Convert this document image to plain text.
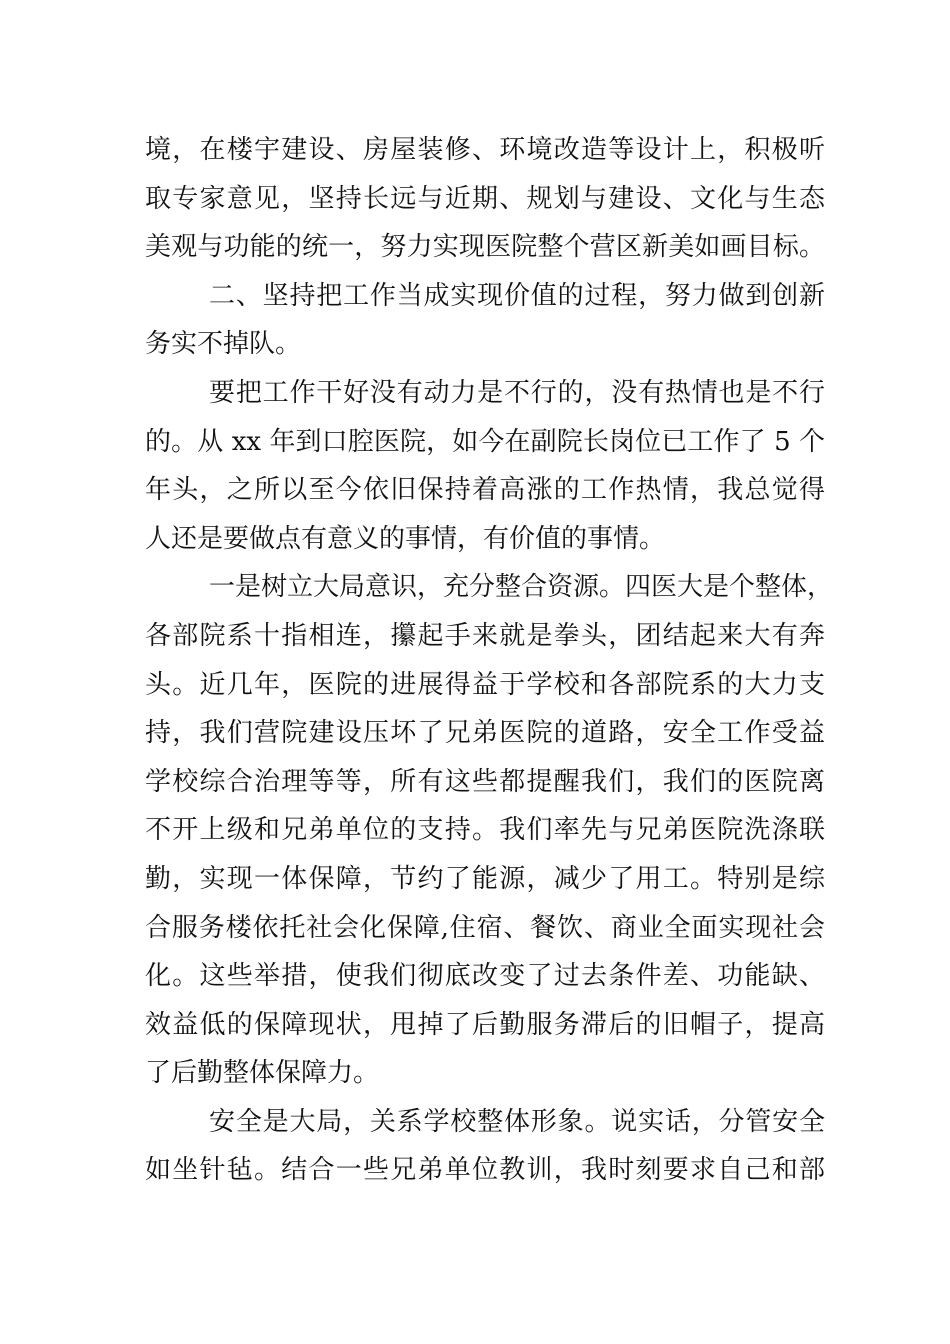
境，在楼宇建设、房屋装修、环境改造等设计上，积极听
取专家意见，坚持长远与近期、规划与建设、文化与生态
美观与功能的统一，努力实现医院整个营区新美如画目标。
二、坚持把工作当成实现价值的过程，努力做到创新
务实不掉队。
要把工作干好没有动力是不行的，没有热情也是不行
的。从 xx 年到口腔医院，如今在副院长岗位已工作了 5 个
年头，之所以至今依旧保持着高涨的工作热情，我总觉得
人还是要做点有意义的事情，有价值的事情。
一是树立大局意识，充分整合资源。四医大是个整体，
各部院系十指相连，攥起手来就是拳头，团结起来大有奔
头。近几年，医院的进展得益于学校和各部院系的大力支
持，我们营院建设压坏了兄弟医院的道路，安全工作受益
学校综合治理等等，所有这些都提醒我们，我们的医院离
不开上级和兄弟单位的支持。我们率先与兄弟医院洗涤联
勤，实现一体保障，节约了能源，减少了用工。特别是综
合服务楼依托社会化保障,住宿、餐饮、商业全面实现社会
化。这些举措，使我们彻底改变了过去条件差、功能缺、
效益低的保障现状，甩掉了后勤服务滞后的旧帽子，提高
了后勤整体保障力。
安全是大局，关系学校整体形象。说实话，分管安全
如坐针毡。结合一些兄弟单位教训，我时刻要求自己和部
